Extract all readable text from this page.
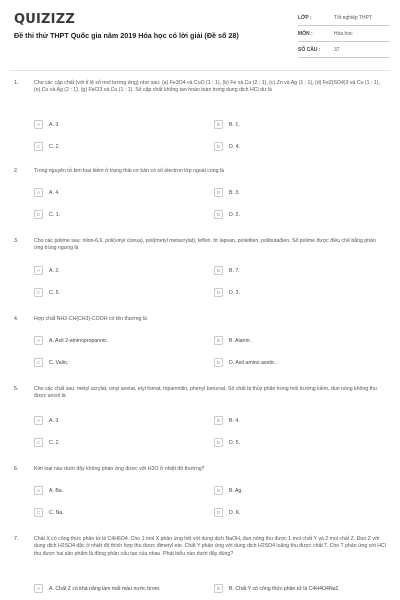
QUIZIZZ
Đề thi thử THPT Quốc gia năm 2019 Hóa học có lời giải (Đề số 28)
LỚP :	Tốt nghiệp THPT
MÔN :	Hóa học
SỐ CÂU :	37
1.	Cho các cặp chất (với tỉ lệ số mol tương ứng) như sau: (a) Fe3O4 và CuO (1 : 1), (b) Fe và Cu (2 : 1), (c) Zn và Ag (1 : 1), (d) Fe2(SO4)3 và Cu (1 : 1), (e) Cu và Ag (2 : 1), (g) FeCl3 và Cu (1 : 1). Số cặp chất không tan hoàn toàn trong dung dịch HCl dư là
A	A. 3.	B	B. 1.
C	C. 2.	D	D. 4.
2.	Trong nguyên tử kim loại kiềm ở trạng thái cơ bản có số electron lớp ngoài cùng là
A	A. 4.	B	B. 3.
C	C. 1.	D	D. 2.
3.	Cho các polime sau: nilon-6,6, poli(vinyl clorua), poli(metyl metacrylat), teflon, tơ lapsan, polietilen, polibutađien. Số polime được điều chế bằng phản ứng trùng ngưng là
A	A. 2.	B	B. 7.
C	C. 5.	D	D. 3.
4.	Hợp chất NH2-CH(CH3)-COOH có tên thường là
A	A. Axit 2-aminopropanoic.	B	B. Alanin.
C	C. Valin.	D	D. Axit amino axetic.
5.	Cho các chất sau: metyl acrylat, vinyl axetat, etyl fomat, tripanmitin, phenyl benzoat. Số chất bị thủy phân trong môi trường kiềm, đun nóng không thu được ancol là
A	A. 3.	B	B. 4.
C	C. 2.	D	D. 5.
6.	Kim loại nào dưới đây không phản ứng được với H2O ở nhiệt độ thường?
A	A. Ba.	B	B. Ag.
C	C. Na.	D	D. K.
7.	Chất X có công thức phân tử là C4H6O4. Cho 1 mol X phản ứng hết với dung dịch NaOH, đun nóng thu được 1 mol chất Y và 2 mol chất Z. Đun Z với dung dịch H2SO4 đặc ở nhiệt độ thích hợp thu được đimetyl ete. Chất Y phản ứng với dung dịch H2SO4 loãng thu được chất T. Cho T phản ứng với HCl thu được hai sản phẩm là đồng phân cấu tạo của nhau. Phát biểu nào dưới đây đúng?
A	A. Chất Z có khả năng làm mất màu nước brom.	B	B. Chất Y có công thức phân tử là C4H4O4Na2.
